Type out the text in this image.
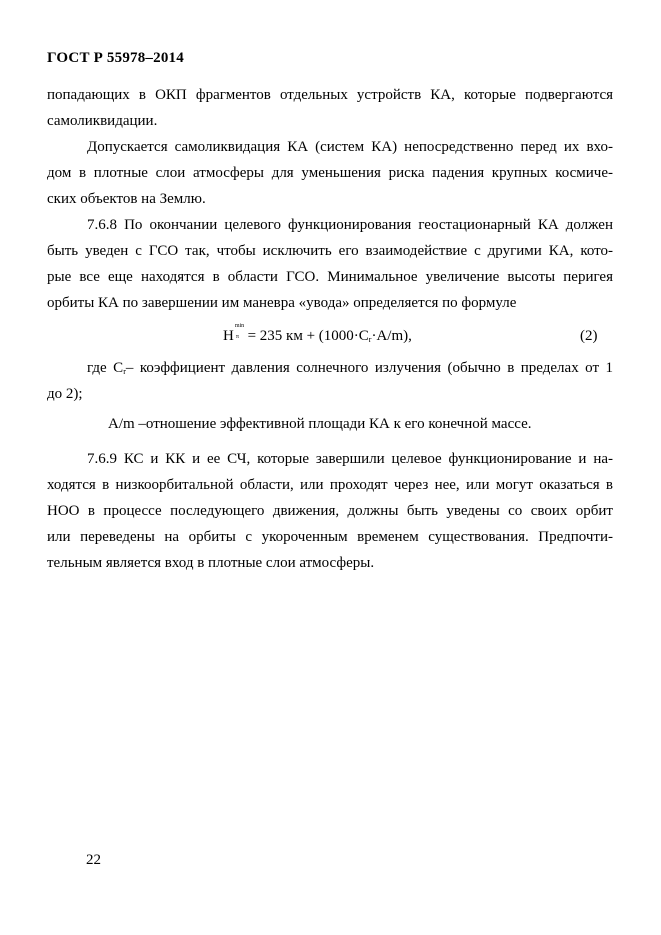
ГОСТ Р 55978–2014
попадающих в ОКП фрагментов отдельных устройств КА, которые подвергаются
самоликвидации.
Допускается самоликвидация КА (систем КА) непосредственно перед их вхо-
дом в плотные слои атмосферы для уменьшения риска падения крупных космиче-
ских объектов на Землю.
7.6.8 По окончании целевого функционирования геостационарный КА должен
быть уведен с ГСО так, чтобы исключить его взаимодействие с другими КА, кото-
рые все еще находятся в области ГСО. Минимальное увеличение высоты перигея
орбиты КА по завершении им маневра «увода» определяется по формуле
H
min
π = 235 км + (1000·Cr·A/m),	(2)
где Cr– коэффициент давления солнечного излучения (обычно в пределах от 1
до 2);
A/m –отношение эффективной площади КА к его конечной массе.
7.6.9 КС и КК и ее СЧ, которые завершили целевое функционирование и на-
ходятся в низкоорбитальной области, или проходят через нее, или могут оказаться в
НОО в процессе последующего движения, должны быть уведены со своих орбит
или переведены на орбиты с укороченным временем существования. Предпочти-
тельным является вход в плотные слои атмосферы.
22
